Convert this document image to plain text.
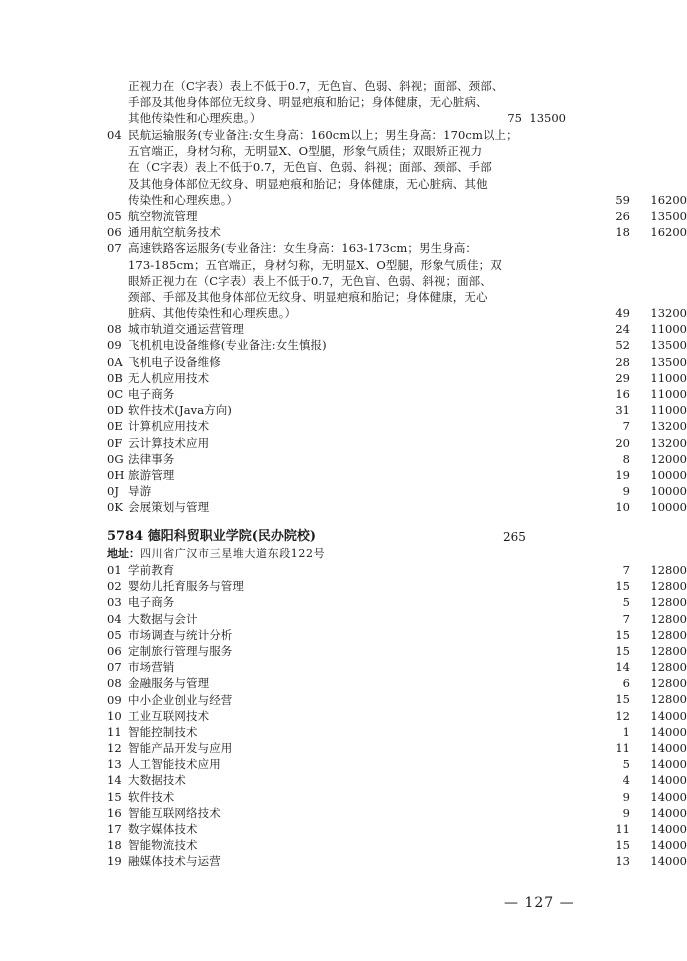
正视力在（C字表）表上不低于0.7，无色盲、色弱、斜视；面部、颈部、
手部及其他身体部位无纹身、明显疤痕和胎记；身体健康，无心脏病、
其他传染性和心理疾患。）	75 13500
04 民航运输服务(专业备注:女生身高：160cm以上；男生身高：170cm以上；
五官端正，身材匀称，无明显X、O型腿，形象气质佳；双眼矫正视力
在（C字表）表上不低于0.7，无色盲、色弱、斜视；面部、颈部、手部
及其他身体部位无纹身、明显疤痕和胎记；身体健康，无心脏病、其他
传染性和心理疾患。）	59	16200
05 航空物流管理	26	13500
06 通用航空航务技术	18	16200
07 高速铁路客运服务(专业备注：女生身高：163-173cm；男生身高：
173-185cm；五官端正，身材匀称，无明显X、O型腿，形象气质佳；双
眼矫正视力在（C字表）表上不低于0.7，无色盲、色弱、斜视；面部、
颈部、手部及其他身体部位无纹身、明显疤痕和胎记；身体健康，无心
脏病、其他传染性和心理疾患。）	49	13200
08 城市轨道交通运营管理	24	11000
09 飞机机电设备维修(专业备注:女生慎报)	52	13500
0A 飞机电子设备维修	28	13500
0B 无人机应用技术	29	11000
0C 电子商务	16	11000
0D 软件技术(Java方向)	31	11000
0E 计算机应用技术	7	13200
0F 云计算技术应用	20	13200
0G 法律事务	8	12000
0H 旅游管理	19	10000
0J 导游	9	10000
0K 会展策划与管理	10	10000
5784 德阳科贸职业学院(民办院校)	265
地址：四川省广汉市三星堆大道东段122号
01 学前教育	7	12800
02 婴幼儿托育服务与管理	15	12800
03 电子商务	5	12800
04 大数据与会计	7	12800
05 市场调查与统计分析	15	12800
06 定制旅行管理与服务	15	12800
07 市场营销	14	12800
08 金融服务与管理	6	12800
09 中小企业创业与经营	15	12800
10 工业互联网技术	12	14000
11 智能控制技术	1	14000
12 智能产品开发与应用	11	14000
13 人工智能技术应用	5	14000
14 大数据技术	4	14000
15 软件技术	9	14000
16 智能互联网络技术	9	14000
17 数字媒体技术	11	14000
18 智能物流技术	15	14000
19 融媒体技术与运营	13	14000
— 127 —
